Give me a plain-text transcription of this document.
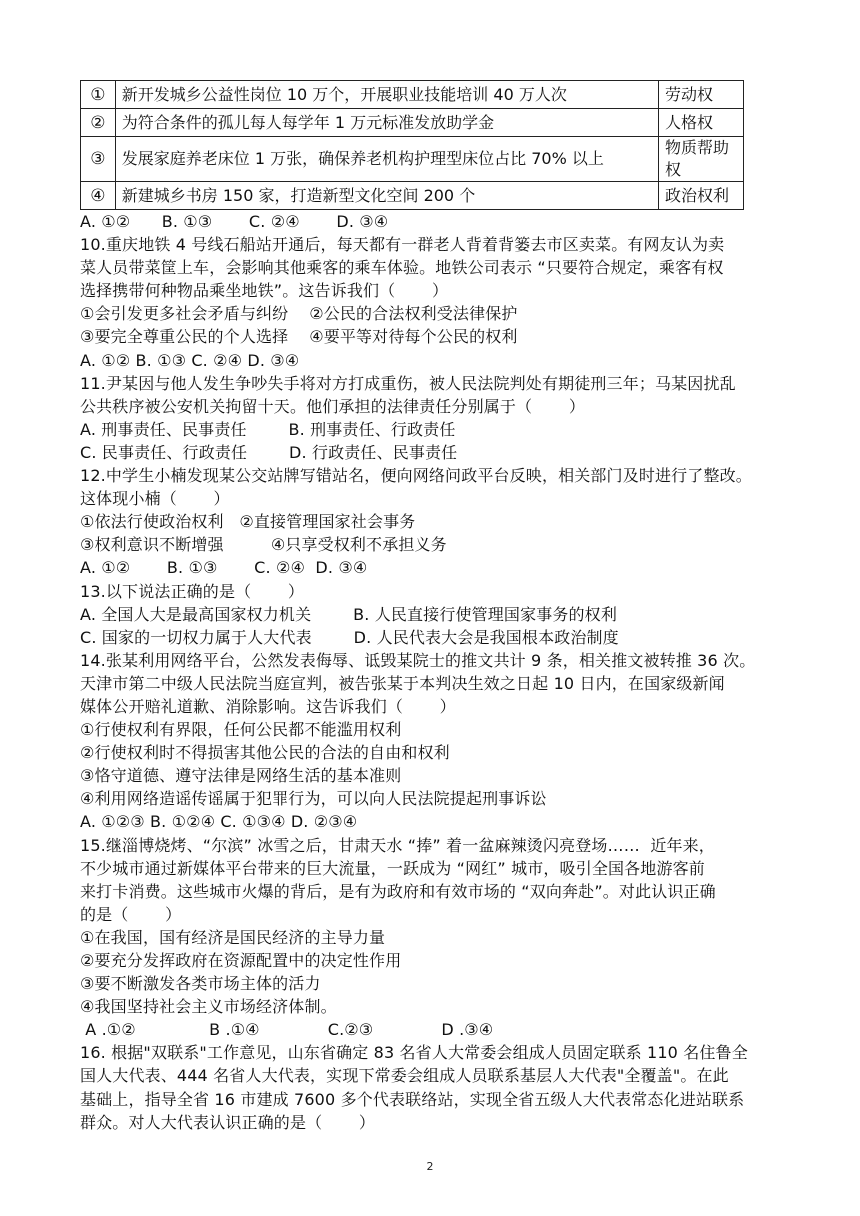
①	新开发城乡公益性岗位 10 万个，开展职业技能培训 40 万人次	劳动权
②	为符合条件的孤儿每人每学年 1 万元标准发放助学金	人格权
③	发展家庭养老床位 1 万张，确保养老机构护理型床位占比 70% 以上	物质帮助权
④	新建城乡书房 150 家，打造新型文化空间 200 个	政治权利
A. ①②      B. ①③       C. ②④       D. ③④
10.重庆地铁 4 号线石船站开通后，每天都有一群老人背着背篓去市区卖菜。有网友认为卖
菜人员带菜筐上车，会影响其他乘客的乘车体验。地铁公司表示 “只要符合规定，乘客有权
选择携带何种物品乘坐地铁”。这告诉我们（       ）
①会引发更多社会矛盾与纠纷    ②公民的合法权利受法律保护
③要完全尊重公民的个人选择    ④要平等对待每个公民的权利
A. ①② B. ①③ C. ②④ D. ③④
11.尹某因与他人发生争吵失手将对方打成重伤，被人民法院判处有期徒刑三年；马某因扰乱
公共秩序被公安机关拘留十天。他们承担的法律责任分别属于（       ）
A. 刑事责任、民事责任        B. 刑事责任、行政责任
C. 民事责任、行政责任        D. 行政责任、民事责任
12.中学生小楠发现某公交站牌写错站名，便向网络问政平台反映，相关部门及时进行了整改。
这体现小楠（       ）
①依法行使政治权利   ②直接管理国家社会事务
③权利意识不断增强         ④只享受权利不承担义务
A. ①②       B. ①③       C. ②④  D. ③④
13.以下说法正确的是（       ）
A. 全国人大是最高国家权力机关        B. 人民直接行使管理国家事务的权利
C. 国家的一切权力属于人大代表        D. 人民代表大会是我国根本政治制度
14.张某利用网络平台，公然发表侮辱、诋毁某院士的推文共计 9 条，相关推文被转推 36 次。
天津市第二中级人民法院当庭宣判，被告张某于本判决生效之日起 10 日内，在国家级新闻
媒体公开赔礼道歉、消除影响。这告诉我们（       ）
①行使权利有界限，任何公民都不能滥用权利
②行使权利时不得损害其他公民的合法的自由和权利
③恪守道德、遵守法律是网络生活的基本准则
④利用网络造谣传谣属于犯罪行为，可以向人民法院提起刑事诉讼
A. ①②③ B. ①②④ C. ①③④ D. ②③④
15.继淄博烧烤、“尔滨” 冰雪之后，甘肃天水 “捧” 着一盆麻辣烫闪亮登场……  近年来，
不少城市通过新媒体平台带来的巨大流量，一跃成为 “网红” 城市，吸引全国各地游客前
来打卡消费。这些城市火爆的背后，是有为政府和有效市场的 “双向奔赴”。对此认识正确
的是（       ）
①在我国，国有经济是国民经济的主导力量
②要充分发挥政府在资源配置中的决定性作用
③要不断激发各类市场主体的活力
④我国坚持社会主义市场经济体制。
A .①②              B .①④             C.②③             D .③④
16. 根据"双联系"工作意见，山东省确定 83 名省人大常委会组成人员固定联系 110 名住鲁全
国人大代表、444 名省人大代表，实现下常委会组成人员联系基层人大代表"全覆盖"。在此
基础上，指导全省 16 市建成 7600 多个代表联络站，实现全省五级人大代表常态化进站联系
群众。对人大代表认识正确的是（       ）
2
